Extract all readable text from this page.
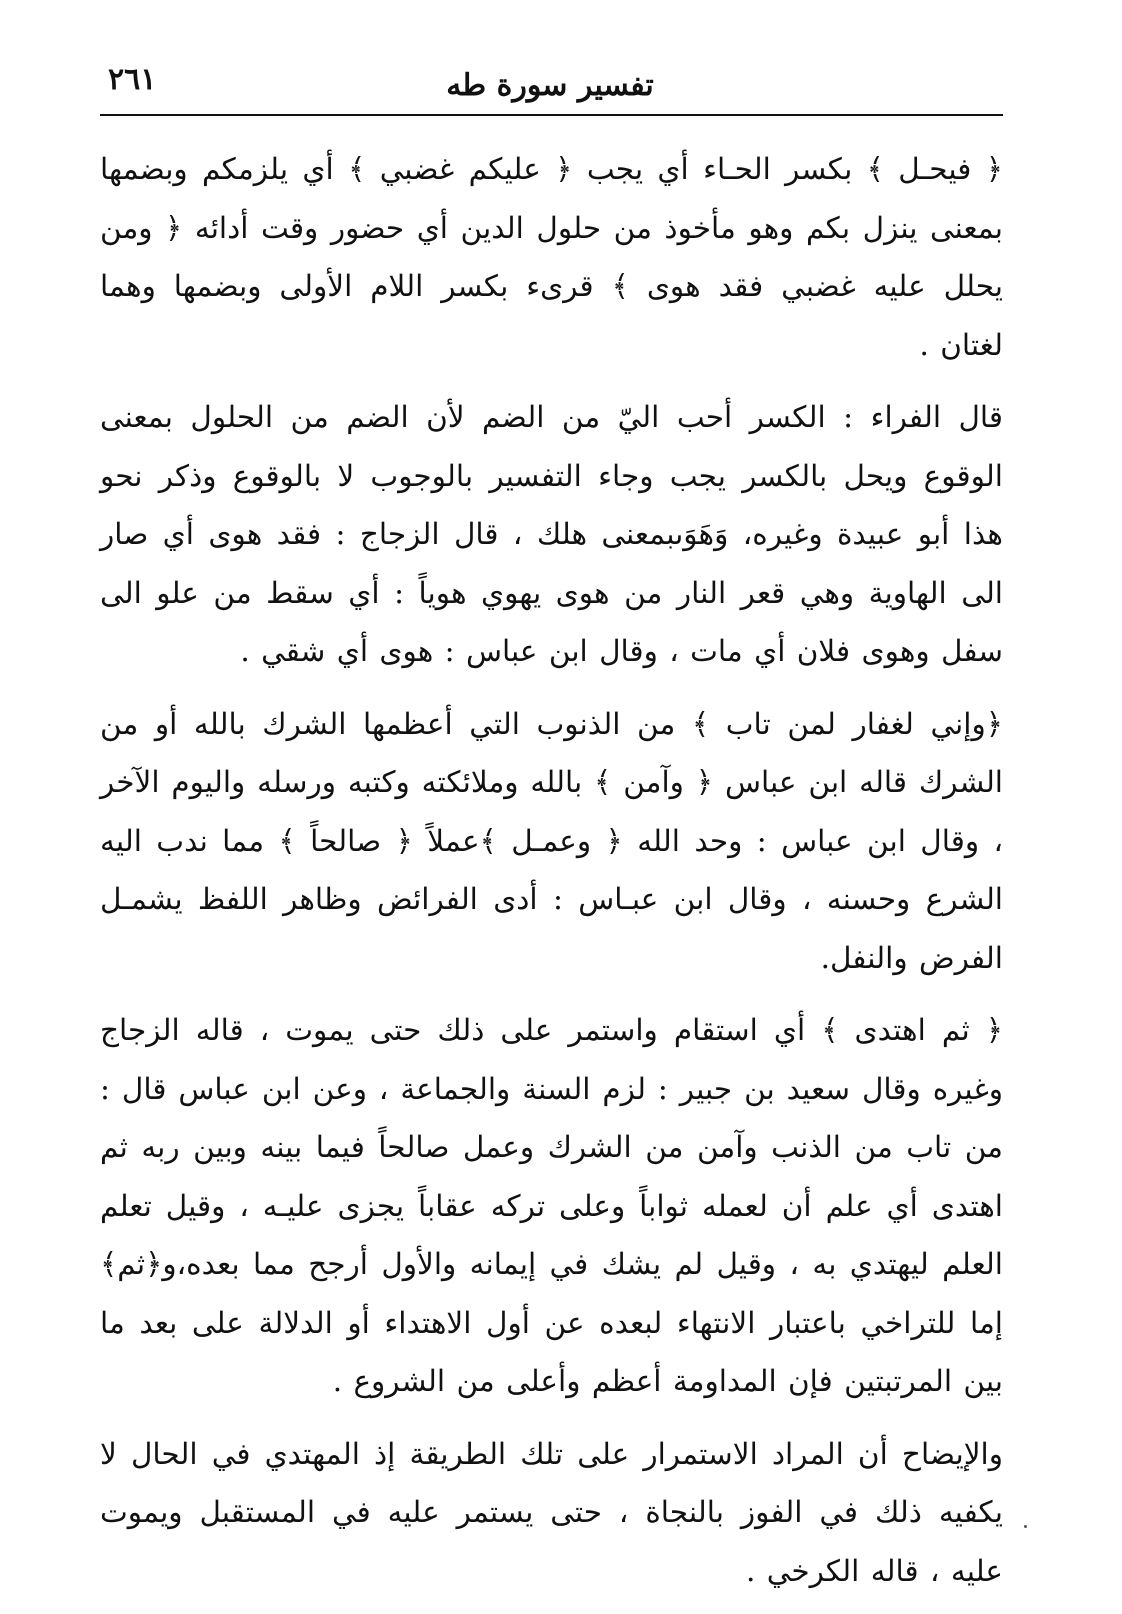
٢٦١	تفسير سورة طه

﴿ فيحـل ﴾ بكسر الحـاء أي يجب ﴿ عليكم غضبي ﴾ أي يلزمكم وبضمها بمعنى ينزل بكم وهو مأخوذ من حلول الدين أي حضور وقت أدائه ﴿ ومن يحلل عليه غضبي فقد هوى ﴾ قرىء بكسر اللام الأولى وبضمها وهما لغتان .

قال الفراء : الكسر أحب اليّ من الضم لأن الضم من الحلول بمعنى الوقوع ويحل بالكسر يجب وجاء التفسير بالوجوب لا بالوقوع وذكر نحو هذا أبو عبيدة وغيره، وَهَوَىبمعنى هلك ، قال الزجاج : فقد هوى أي صار الى الهاوية وهي قعر النار من هوى يهوي هوياً : أي سقط من علو الى سفل وهوى فلان أي مات ، وقال ابن عباس : هوى أي شقي .

﴿وإني لغفار لمن تاب ﴾ من الذنوب التي أعظمها الشرك بالله أو من الشرك قاله ابن عباس ﴿ وآمن ﴾ بالله وملائكته وكتبه ورسله واليوم الآخر ، وقال ابن عباس : وحد الله ﴿ وعمـل ﴾عملاً ﴿ صالحاً ﴾ مما ندب اليه الشرع وحسنه ، وقال ابن عبـاس : أدى الفرائض وظاهر اللفظ يشمـل الفرض والنفل.

﴿ ثم اهتدى ﴾ أي استقام واستمر على ذلك حتى يموت ، قاله الزجاج وغيره وقال سعيد بن جبير : لزم السنة والجماعة ، وعن ابن عباس قال : من تاب من الذنب وآمن من الشرك وعمل صالحاً فيما بينه وبين ربه ثم اهتدى أي علم أن لعمله ثواباً وعلى تركه عقاباً يجزى عليـه ، وقيل تعلم العلم ليهتدي به ، وقيل لم يشك في إيمانه والأول أرجح مما بعده،و﴿ثم﴾إما للتراخي باعتبار الانتهاء لبعده عن أول الاهتداء أو الدلالة على بعد ما بين المرتبتين فإن المداومة أعظم وأعلى من الشروع .

والإيضاح أن المراد الاستمرار على تلك الطريقة إذ المهتدي في الحال لا يكفيه ذلك في الفوز بالنجاة ، حتى يستمر عليه في المستقبل ويموت عليه ، قاله الكرخي .
